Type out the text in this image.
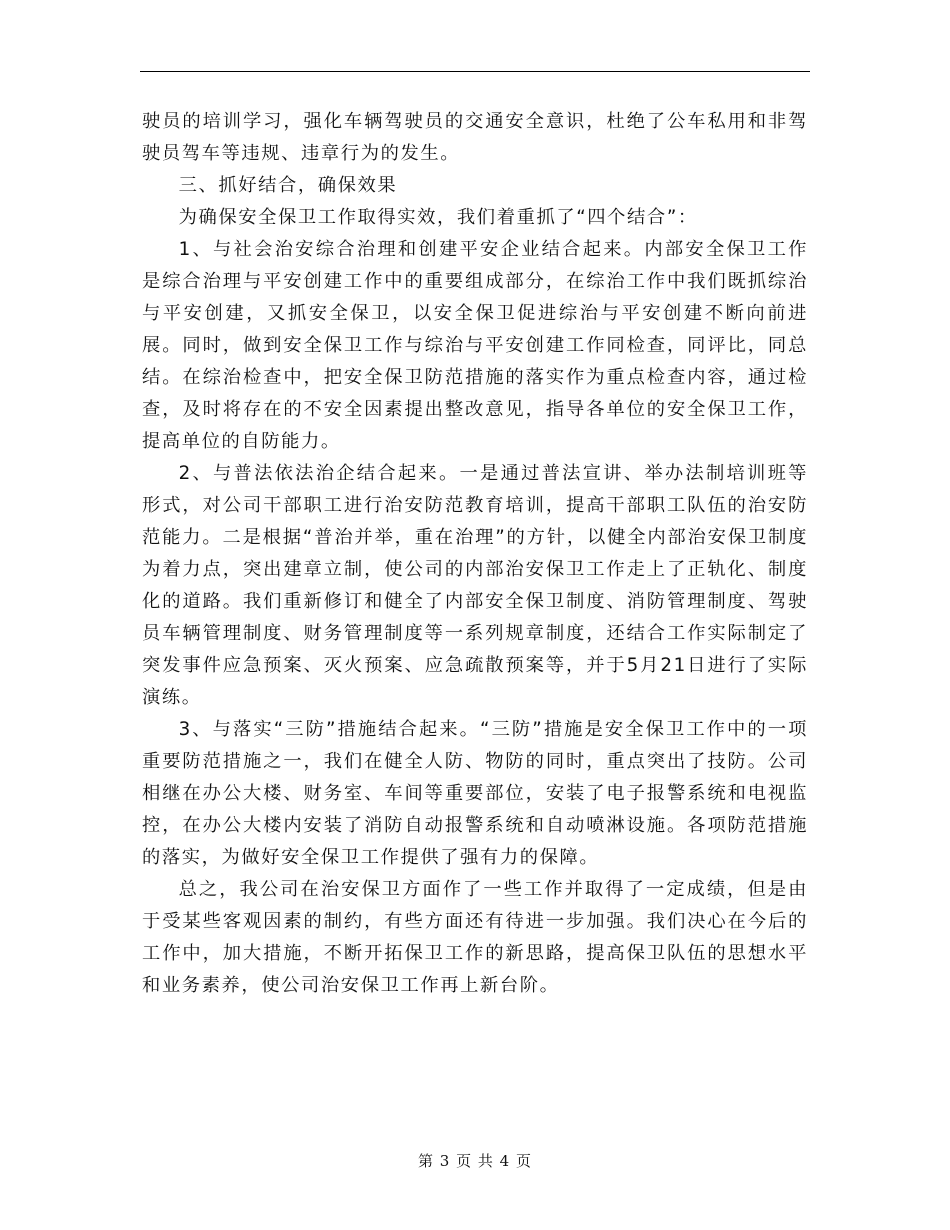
驶员的培训学习，强化车辆驾驶员的交通安全意识，杜绝了公车私用和非驾驶员驾车等违规、违章行为的发生。

三、抓好结合，确保效果

为确保安全保卫工作取得实效，我们着重抓了“四个结合”：

1、与社会治安综合治理和创建平安企业结合起来。内部安全保卫工作是综合治理与平安创建工作中的重要组成部分，在综治工作中我们既抓综治与平安创建，又抓安全保卫，以安全保卫促进综治与平安创建不断向前进展。同时，做到安全保卫工作与综治与平安创建工作同检查，同评比，同总结。在综治检查中，把安全保卫防范措施的落实作为重点检查内容，通过检查，及时将存在的不安全因素提出整改意见，指导各单位的安全保卫工作，提高单位的自防能力。

2、与普法依法治企结合起来。一是通过普法宣讲、举办法制培训班等形式，对公司干部职工进行治安防范教育培训，提高干部职工队伍的治安防范能力。二是根据“普治并举，重在治理”的方针，以健全内部治安保卫制度为着力点，突出建章立制，使公司的内部治安保卫工作走上了正轨化、制度化的道路。我们重新修订和健全了内部安全保卫制度、消防管理制度、驾驶员车辆管理制度、财务管理制度等一系列规章制度，还结合工作实际制定了突发事件应急预案、灭火预案、应急疏散预案等，并于5月21日进行了实际演练。

3、与落实“三防”措施结合起来。“三防”措施是安全保卫工作中的一项重要防范措施之一，我们在健全人防、物防的同时，重点突出了技防。公司相继在办公大楼、财务室、车间等重要部位，安装了电子报警系统和电视监控，在办公大楼内安装了消防自动报警系统和自动喷淋设施。各项防范措施的落实，为做好安全保卫工作提供了强有力的保障。

总之，我公司在治安保卫方面作了一些工作并取得了一定成绩，但是由于受某些客观因素的制约，有些方面还有待进一步加强。我们决心在今后的工作中，加大措施，不断开拓保卫工作的新思路，提高保卫队伍的思想水平和业务素养，使公司治安保卫工作再上新台阶。

第 3 页 共 4 页
